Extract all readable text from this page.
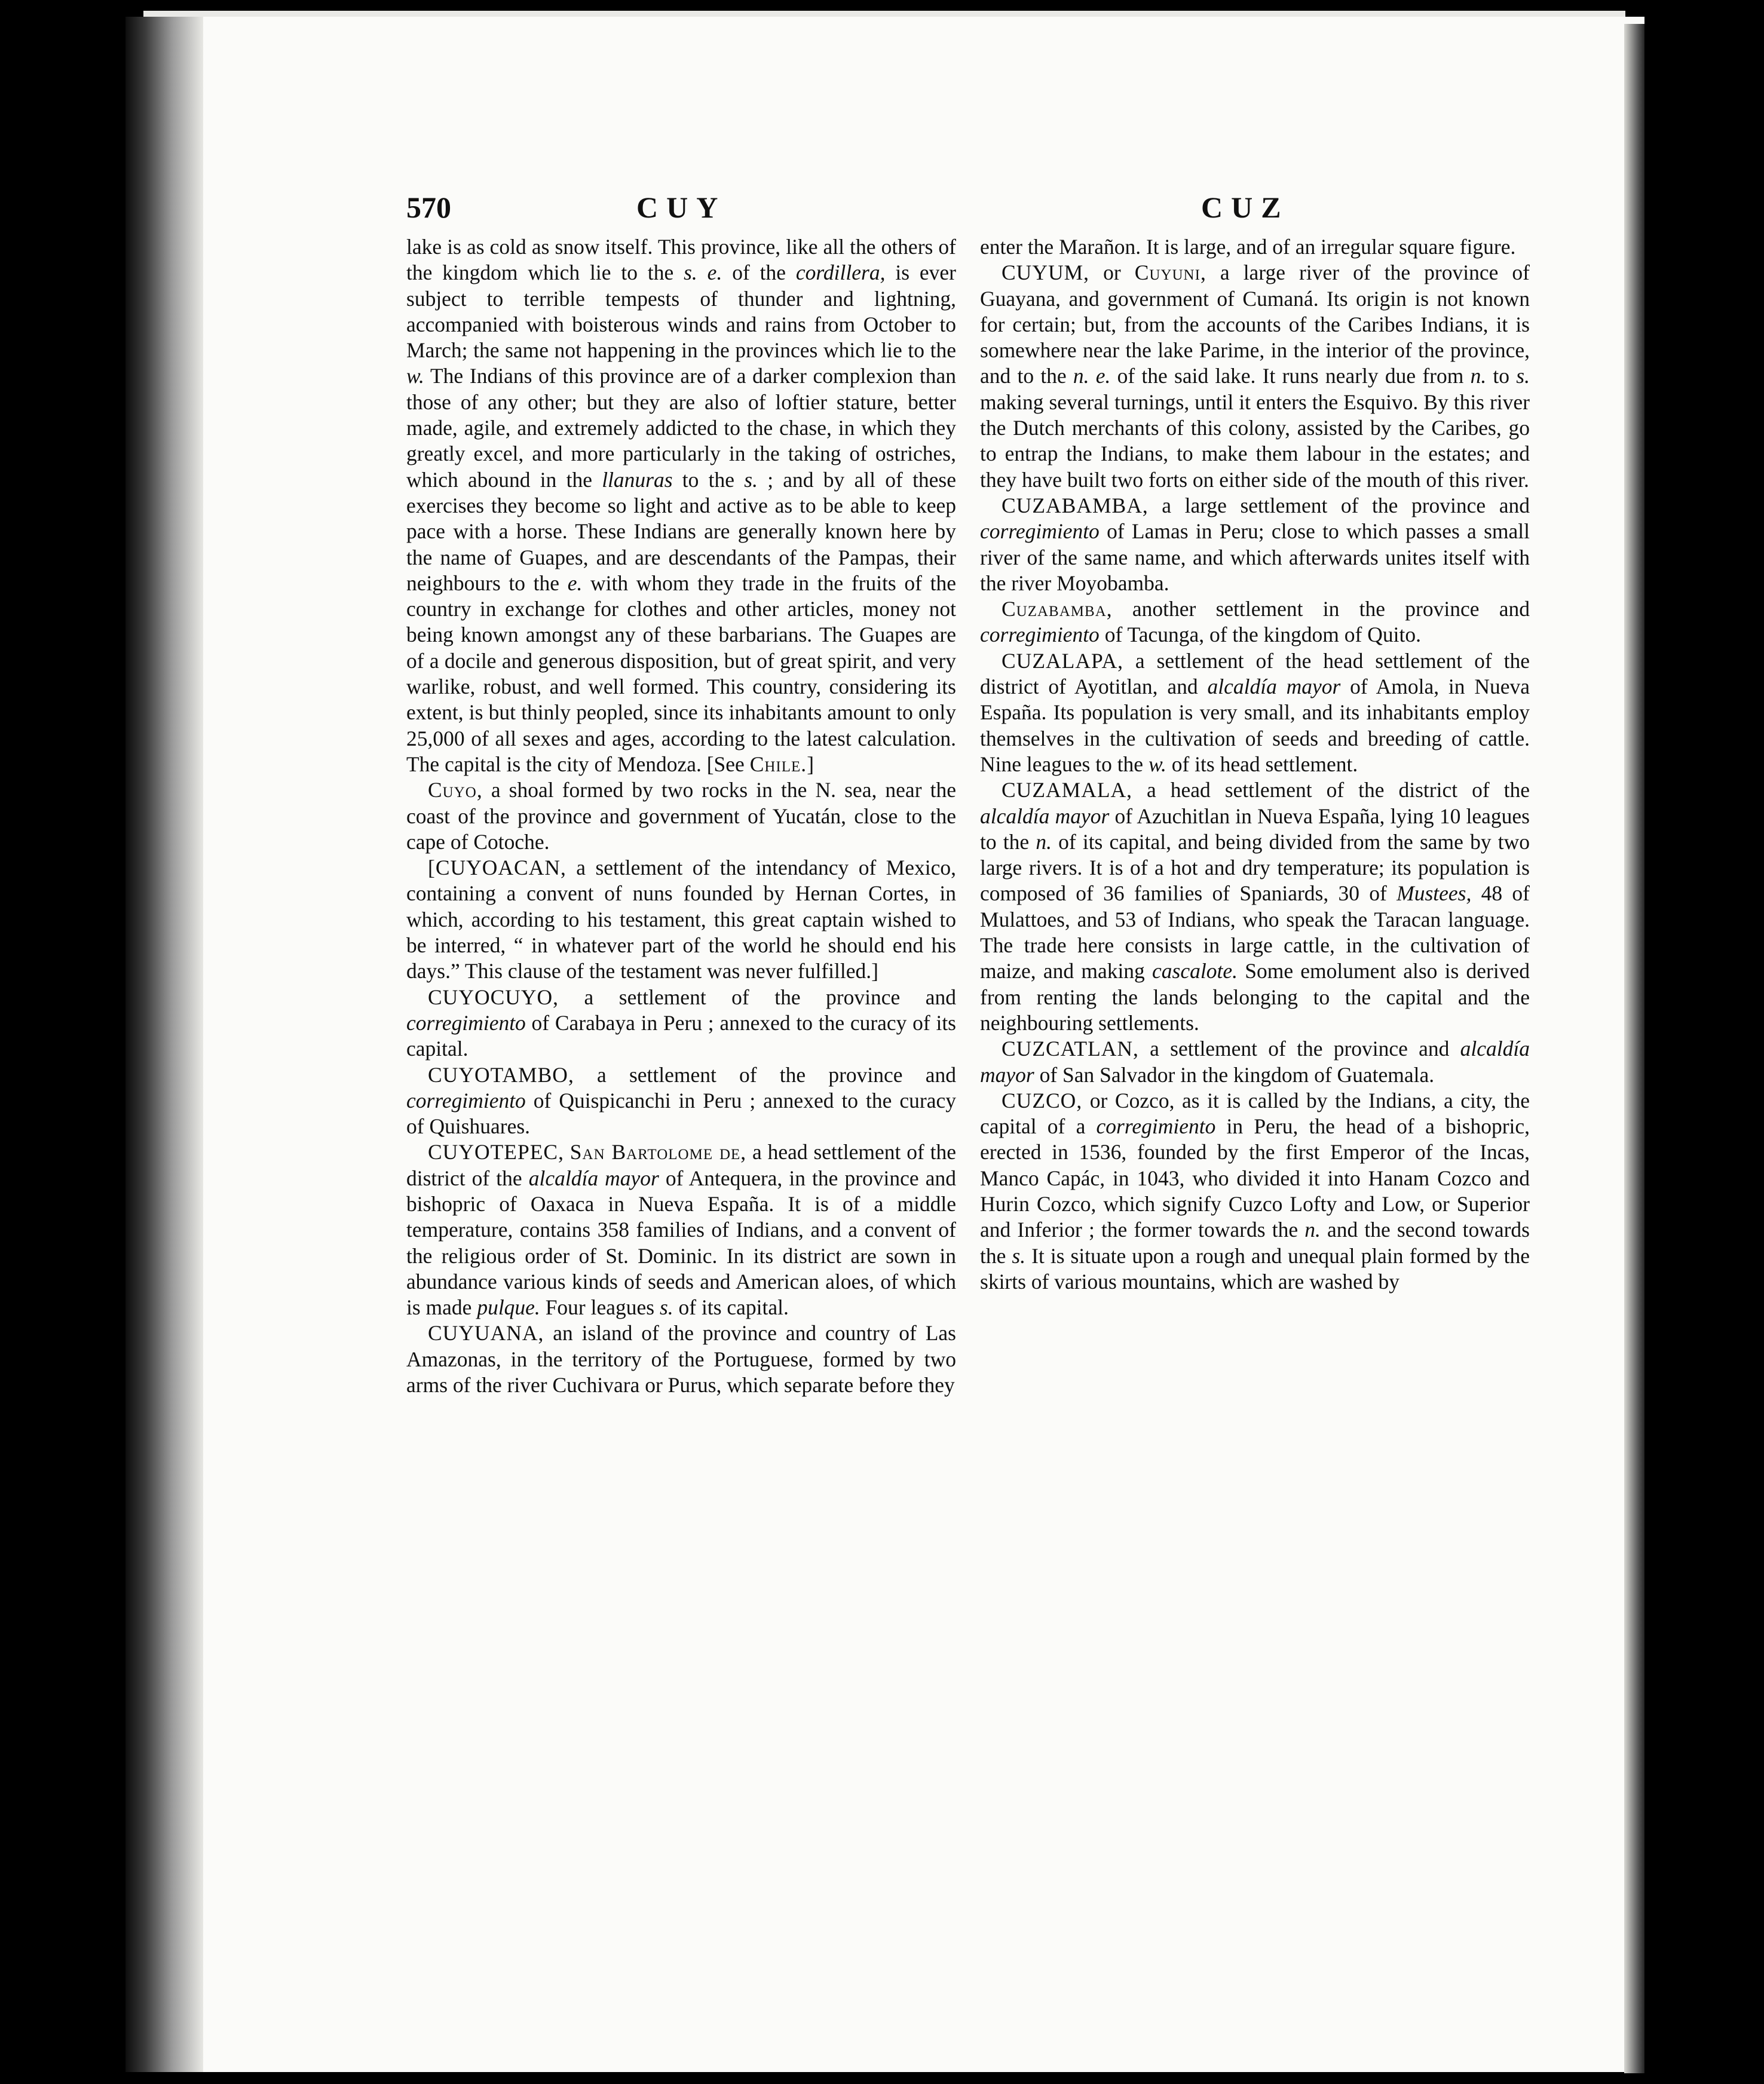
570	CUY	CUZ

lake is as cold as snow itself. This province, like all the others of the kingdom which lie to the s. e. of the cordillera, is ever subject to terrible tempests of thunder and lightning, accompanied with boisterous winds and rains from October to March; the same not happening in the provinces which lie to the w. The Indians of this province are of a darker complexion than those of any other; but they are also of loftier stature, better made, agile, and extremely addicted to the chase, in which they greatly excel, and more particularly in the taking of ostriches, which abound in the llanuras to the s. ; and by all of these exercises they become so light and active as to be able to keep pace with a horse. These Indians are generally known here by the name of Guapes, and are descendants of the Pampas, their neighbours to the e. with whom they trade in the fruits of the country in exchange for clothes and other articles, money not being known amongst any of these barbarians. The Guapes are of a docile and generous disposition, but of great spirit, and very warlike, robust, and well formed. This country, considering its extent, is but thinly peopled, since its inhabitants amount to only 25,000 of all sexes and ages, according to the latest calculation. The capital is the city of Mendoza. [See Chile.]

Cuyo, a shoal formed by two rocks in the N. sea, near the coast of the province and government of Yucatán, close to the cape of Cotoche.

[CUYOACAN, a settlement of the intendancy of Mexico, containing a convent of nuns founded by Hernan Cortes, in which, according to his testament, this great captain wished to be interred, “ in whatever part of the world he should end his days.” This clause of the testament was never fulfilled.]

CUYOCUYO, a settlement of the province and corregimiento of Carabaya in Peru ; annexed to the curacy of its capital.

CUYOTAMBO, a settlement of the province and corregimiento of Quispicanchi in Peru ; annexed to the curacy of Quishuares.

CUYOTEPEC, San Bartolome de, a head settlement of the district of the alcaldía mayor of Antequera, in the province and bishopric of Oaxaca in Nueva España. It is of a middle temperature, contains 358 families of Indians, and a convent of the religious order of St. Dominic. In its district are sown in abundance various kinds of seeds and American aloes, of which is made pulque. Four leagues s. of its capital.

CUYUANA, an island of the province and country of Las Amazonas, in the territory of the Portuguese, formed by two arms of the river Cuchivara or Purus, which separate before they

enter the Marañon. It is large, and of an irregular square figure.

CUYUM, or Cuyuni, a large river of the province of Guayana, and government of Cumaná. Its origin is not known for certain; but, from the accounts of the Caribes Indians, it is somewhere near the lake Parime, in the interior of the province, and to the n. e. of the said lake. It runs nearly due from n. to s. making several turnings, until it enters the Esquivo. By this river the Dutch merchants of this colony, assisted by the Caribes, go to entrap the Indians, to make them labour in the estates; and they have built two forts on either side of the mouth of this river.

CUZABAMBA, a large settlement of the province and corregimiento of Lamas in Peru; close to which passes a small river of the same name, and which afterwards unites itself with the river Moyobamba.

Cuzabamba, another settlement in the province and corregimiento of Tacunga, of the kingdom of Quito.

CUZALAPA, a settlement of the head settlement of the district of Ayotitlan, and alcaldía mayor of Amola, in Nueva España. Its population is very small, and its inhabitants employ themselves in the cultivation of seeds and breeding of cattle. Nine leagues to the w. of its head settlement.

CUZAMALA, a head settlement of the district of the alcaldía mayor of Azuchitlan in Nueva España, lying 10 leagues to the n. of its capital, and being divided from the same by two large rivers. It is of a hot and dry temperature; its population is composed of 36 families of Spaniards, 30 of Mustees, 48 of Mulattoes, and 53 of Indians, who speak the Taracan language. The trade here consists in large cattle, in the cultivation of maize, and making cascalote. Some emolument also is derived from renting the lands belonging to the capital and the neighbouring settlements.

CUZCATLAN, a settlement of the province and alcaldía mayor of San Salvador in the kingdom of Guatemala.

CUZCO, or Cozco, as it is called by the Indians, a city, the capital of a corregimiento in Peru, the head of a bishopric, erected in 1536, founded by the first Emperor of the Incas, Manco Capác, in 1043, who divided it into Hanam Cozco and Hurin Cozco, which signify Cuzco Lofty and Low, or Superior and Inferior ; the former towards the n. and the second towards the s. It is situate upon a rough and unequal plain formed by the skirts of various mountains, which are washed by
